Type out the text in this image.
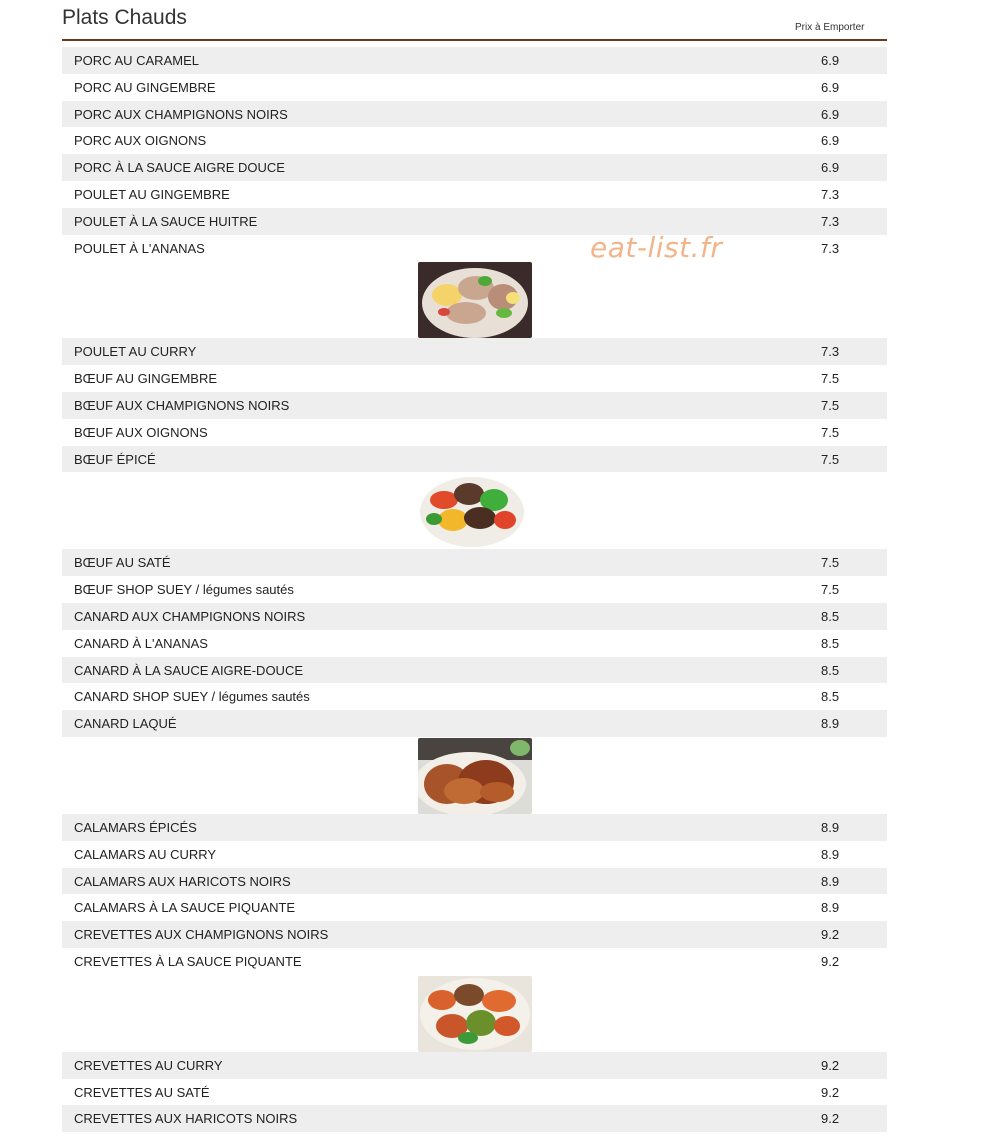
Plats Chauds	Prix à Emporter
PORC AU CARAMEL	6.9
PORC AU GINGEMBRE	6.9
PORC AUX CHAMPIGNONS NOIRS	6.9
PORC AUX OIGNONS	6.9
PORC À LA SAUCE AIGRE DOUCE	6.9
POULET AU GINGEMBRE	7.3
POULET À LA SAUCE HUITRE	7.3
POULET À L'ANANAS	7.3
POULET AU CURRY	7.3
BŒUF AU GINGEMBRE	7.5
BŒUF AUX CHAMPIGNONS NOIRS	7.5
BŒUF AUX OIGNONS	7.5
BŒUF ÉPICÉ	7.5
BŒUF AU SATÉ	7.5
BŒUF SHOP SUEY / légumes sautés	7.5
CANARD AUX CHAMPIGNONS NOIRS	8.5
CANARD À L'ANANAS	8.5
CANARD À LA SAUCE AIGRE-DOUCE	8.5
CANARD SHOP SUEY / légumes sautés	8.5
CANARD LAQUÉ	8.9
CALAMARS ÉPICÉS	8.9
CALAMARS AU CURRY	8.9
CALAMARS AUX HARICOTS NOIRS	8.9
CALAMARS À LA SAUCE PIQUANTE	8.9
CREVETTES AUX CHAMPIGNONS NOIRS	9.2
CREVETTES À LA SAUCE PIQUANTE	9.2
CREVETTES AU CURRY	9.2
CREVETTES AU SATÉ	9.2
CREVETTES AUX HARICOTS NOIRS	9.2
eat-list.fr
